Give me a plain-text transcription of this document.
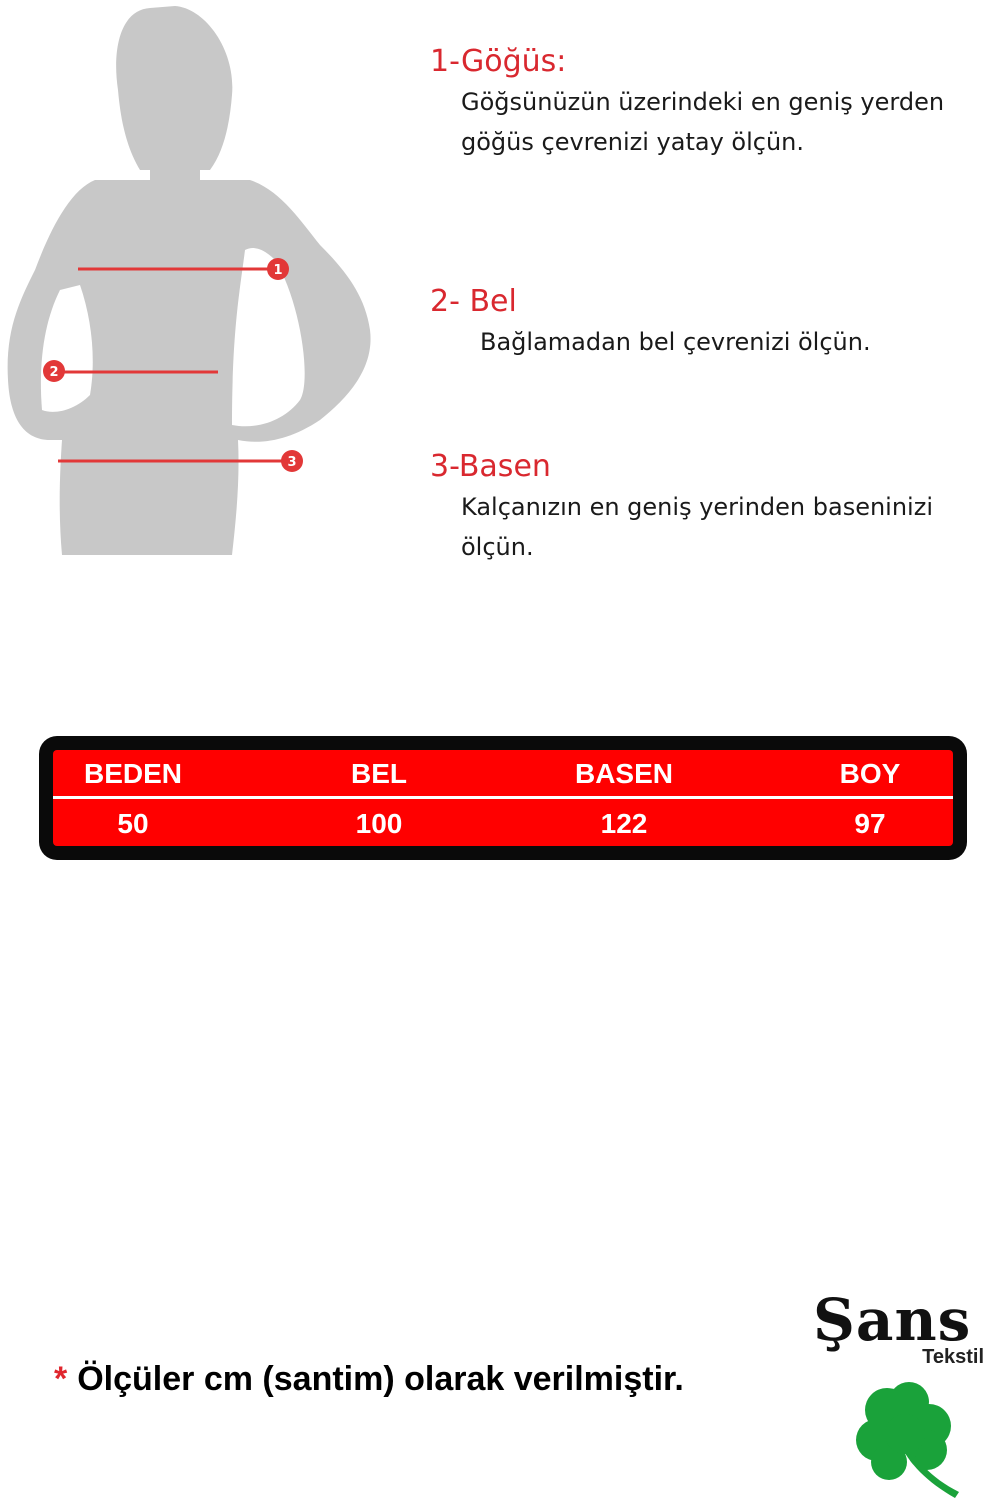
1
2
3
1-Göğüs:
Göğsünüzün üzerindeki en geniş yerden göğüs çevrenizi yatay ölçün.
2- Bel
Bağlamadan bel çevrenizi ölçün.
3-Basen
Kalçanızın en geniş yerinden baseninizi ölçün.
BEDEN	BEL	BASEN	BOY
50	100	122	97
* Ölçüler cm (santim) olarak verilmiştir.
Şans
Tekstil
